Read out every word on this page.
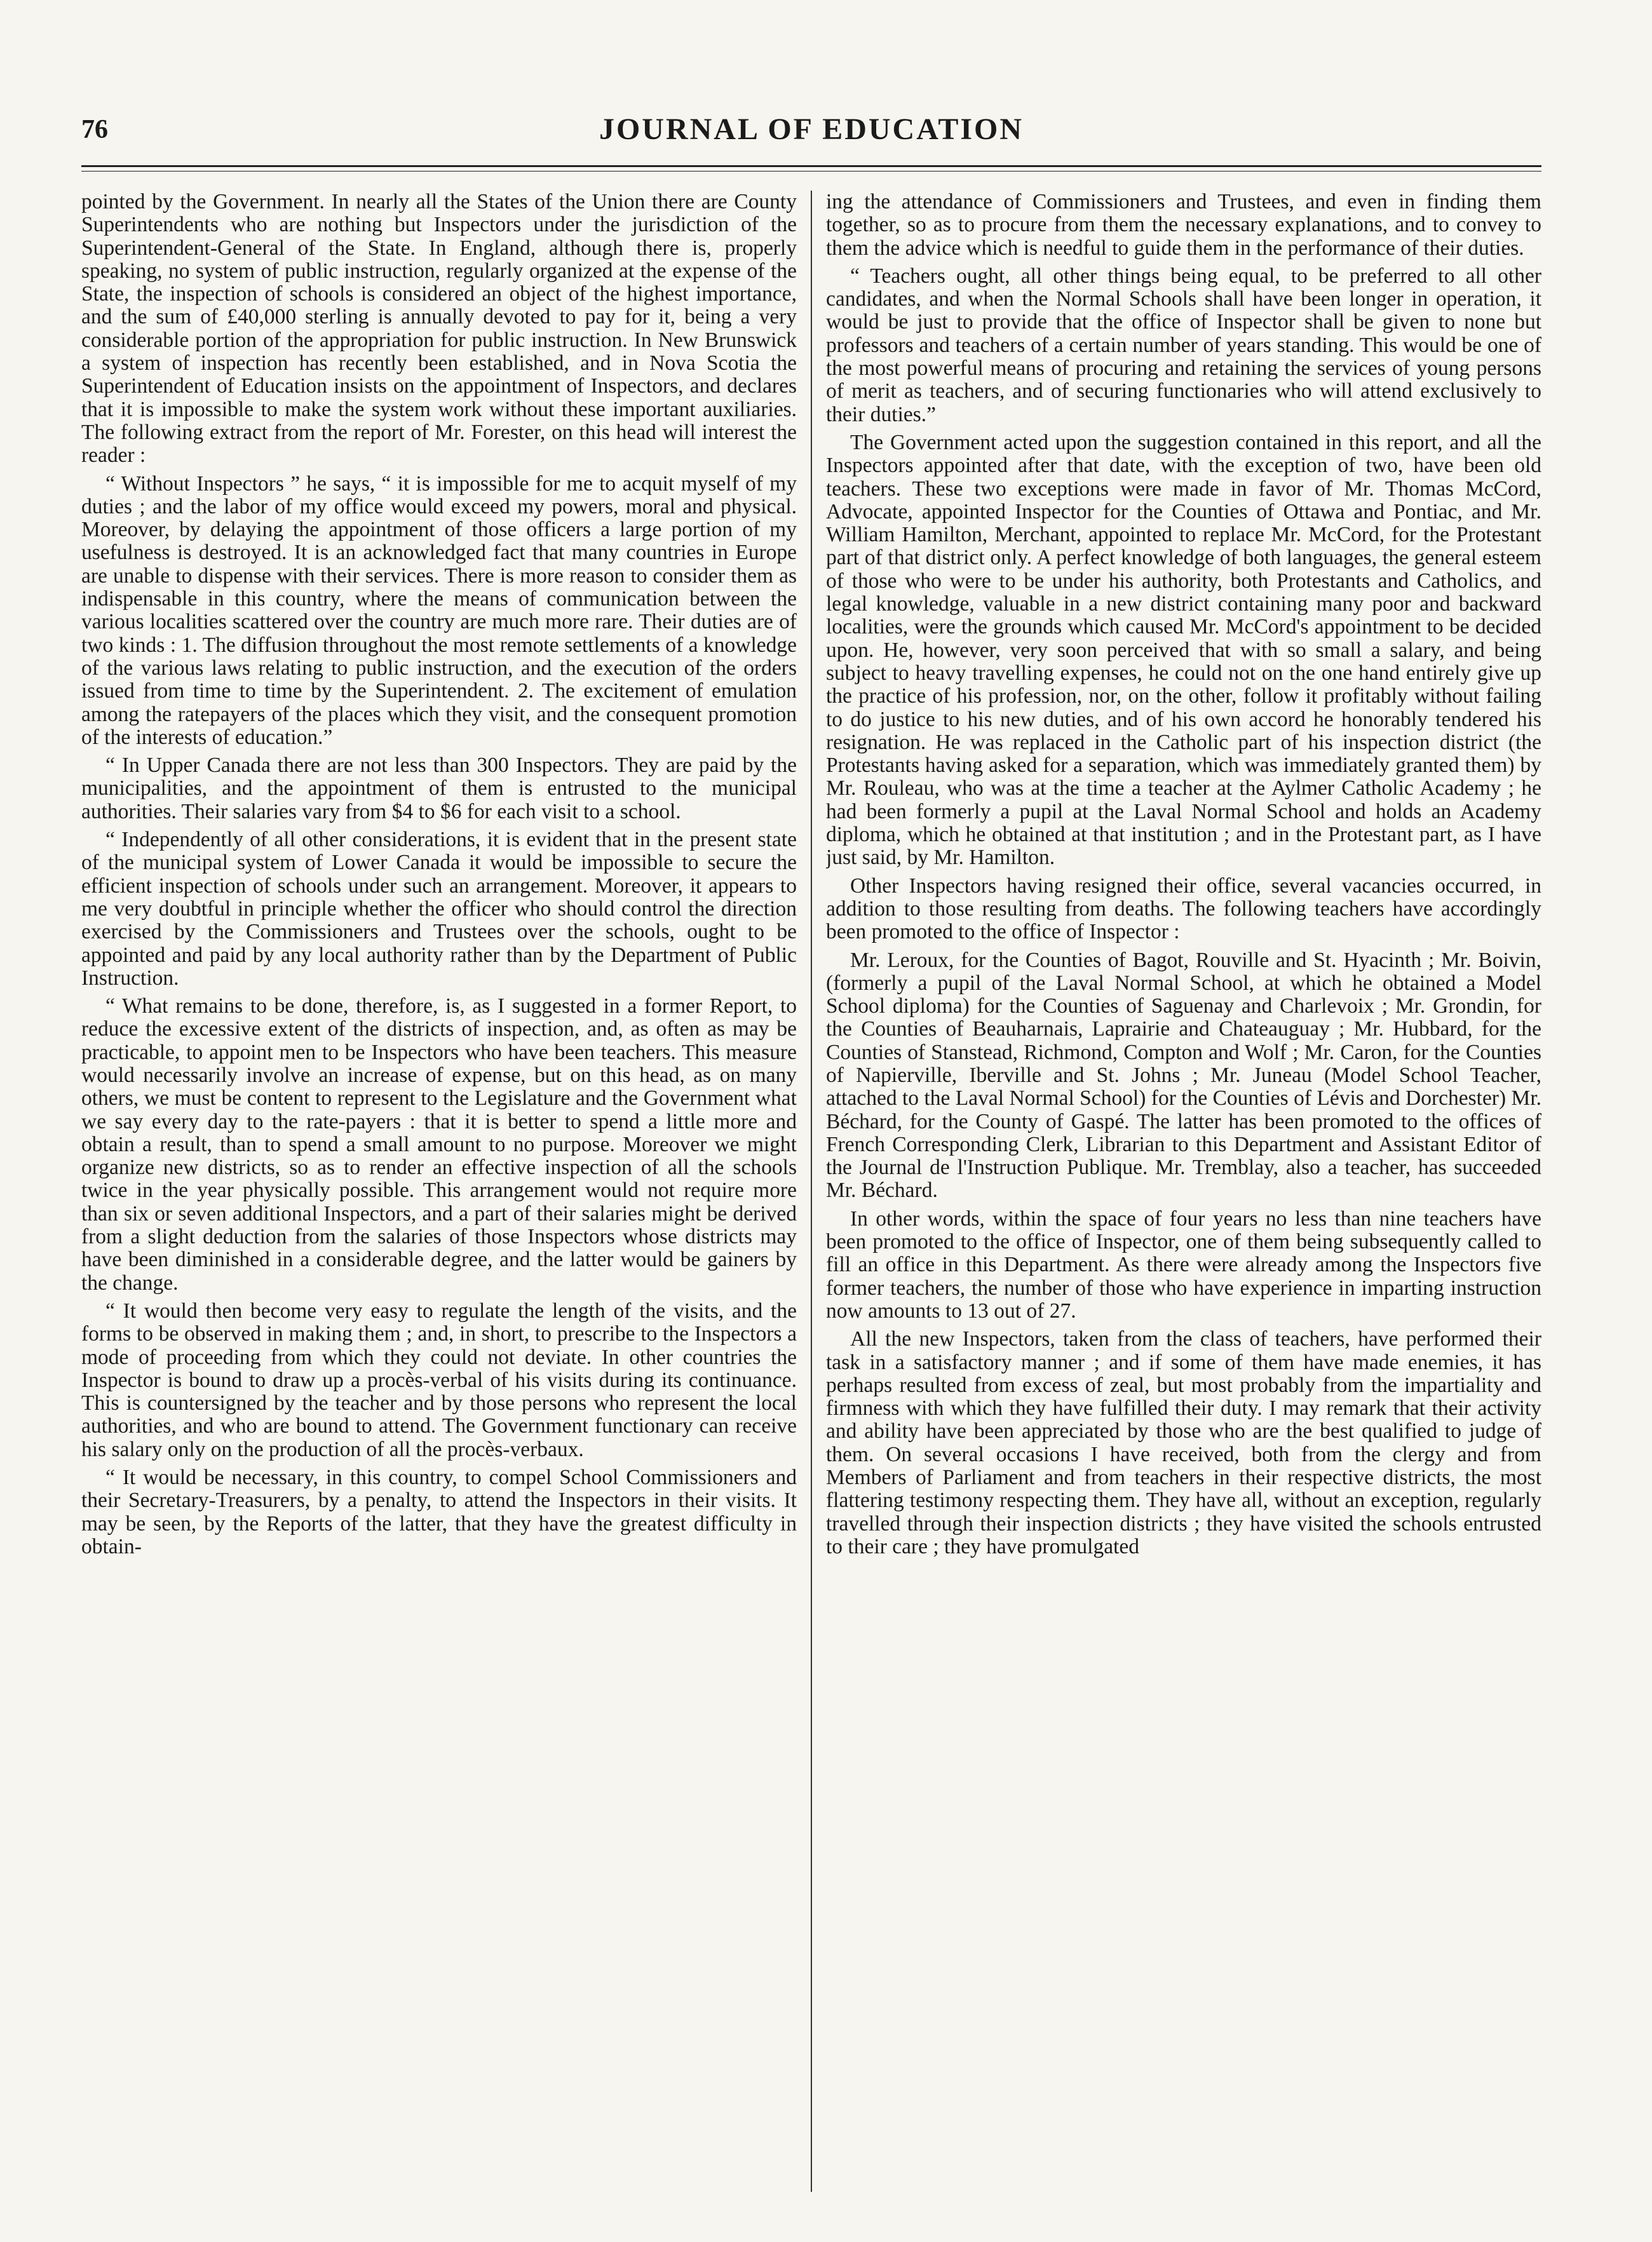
76	JOURNAL OF EDUCATION

pointed by the Government. In nearly all the States of the Union there are County Superintendents who are nothing but Inspectors under the jurisdiction of the Superintendent-General of the State. In England, although there is, properly speaking, no system of public instruction, regularly organized at the expense of the State, the inspection of schools is considered an object of the highest importance, and the sum of £40,000 sterling is annually devoted to pay for it, being a very considerable portion of the appropriation for public instruction. In New Brunswick a system of inspection has recently been established, and in Nova Scotia the Superintendent of Education insists on the appointment of Inspectors, and declares that it is impossible to make the system work without these important auxiliaries. The following extract from the report of Mr. Forester, on this head will interest the reader :

“ Without Inspectors ” he says, “ it is impossible for me to acquit myself of my duties ; and the labor of my office would exceed my powers, moral and physical. Moreover, by delaying the appointment of those officers a large portion of my usefulness is destroyed. It is an acknowledged fact that many countries in Europe are unable to dispense with their services. There is more reason to consider them as indispensable in this country, where the means of communication between the various localities scattered over the country are much more rare. Their duties are of two kinds : 1. The diffusion throughout the most remote settlements of a knowledge of the various laws relating to public instruction, and the execution of the orders issued from time to time by the Superintendent. 2. The excitement of emulation among the ratepayers of the places which they visit, and the consequent promotion of the interests of education.”

“ In Upper Canada there are not less than 300 Inspectors. They are paid by the municipalities, and the appointment of them is entrusted to the municipal authorities. Their salaries vary from $4 to $6 for each visit to a school.

“ Independently of all other considerations, it is evident that in the present state of the municipal system of Lower Canada it would be impossible to secure the efficient inspection of schools under such an arrangement. Moreover, it appears to me very doubtful in principle whether the officer who should control the direction exercised by the Commissioners and Trustees over the schools, ought to be appointed and paid by any local authority rather than by the Department of Public Instruction.

“ What remains to be done, therefore, is, as I suggested in a former Report, to reduce the excessive extent of the districts of inspection, and, as often as may be practicable, to appoint men to be Inspectors who have been teachers. This measure would necessarily involve an increase of expense, but on this head, as on many others, we must be content to represent to the Legislature and the Government what we say every day to the rate-payers : that it is better to spend a little more and obtain a result, than to spend a small amount to no purpose. Moreover we might organize new districts, so as to render an effective inspection of all the schools twice in the year physically possible. This arrangement would not require more than six or seven additional Inspectors, and a part of their salaries might be derived from a slight deduction from the salaries of those Inspectors whose districts may have been diminished in a considerable degree, and the latter would be gainers by the change.

“ It would then become very easy to regulate the length of the visits, and the forms to be observed in making them ; and, in short, to prescribe to the Inspectors a mode of proceeding from which they could not deviate. In other countries the Inspector is bound to draw up a procès-verbal of his visits during its continuance. This is countersigned by the teacher and by those persons who represent the local authorities, and who are bound to attend. The Government functionary can receive his salary only on the production of all the procès-verbaux.

“ It would be necessary, in this country, to compel School Commissioners and their Secretary-Treasurers, by a penalty, to attend the Inspectors in their visits. It may be seen, by the Reports of the latter, that they have the greatest difficulty in obtain-

ing the attendance of Commissioners and Trustees, and even in finding them together, so as to procure from them the necessary explanations, and to convey to them the advice which is needful to guide them in the performance of their duties.

“ Teachers ought, all other things being equal, to be preferred to all other candidates, and when the Normal Schools shall have been longer in operation, it would be just to provide that the office of Inspector shall be given to none but professors and teachers of a certain number of years standing. This would be one of the most powerful means of procuring and retaining the services of young persons of merit as teachers, and of securing functionaries who will attend exclusively to their duties.”

The Government acted upon the suggestion contained in this report, and all the Inspectors appointed after that date, with the exception of two, have been old teachers. These two exceptions were made in favor of Mr. Thomas McCord, Advocate, appointed Inspector for the Counties of Ottawa and Pontiac, and Mr. William Hamilton, Merchant, appointed to replace Mr. McCord, for the Protestant part of that district only. A perfect knowledge of both languages, the general esteem of those who were to be under his authority, both Protestants and Catholics, and legal knowledge, valuable in a new district containing many poor and backward localities, were the grounds which caused Mr. McCord's appointment to be decided upon. He, however, very soon perceived that with so small a salary, and being subject to heavy travelling expenses, he could not on the one hand entirely give up the practice of his profession, nor, on the other, follow it profitably without failing to do justice to his new duties, and of his own accord he honorably tendered his resignation. He was replaced in the Catholic part of his inspection district (the Protestants having asked for a separation, which was immediately granted them) by Mr. Rouleau, who was at the time a teacher at the Aylmer Catholic Academy ; he had been formerly a pupil at the Laval Normal School and holds an Academy diploma, which he obtained at that institution ; and in the Protestant part, as I have just said, by Mr. Hamilton.

Other Inspectors having resigned their office, several vacancies occurred, in addition to those resulting from deaths. The following teachers have accordingly been promoted to the office of Inspector :

Mr. Leroux, for the Counties of Bagot, Rouville and St. Hyacinth ; Mr. Boivin, (formerly a pupil of the Laval Normal School, at which he obtained a Model School diploma) for the Counties of Saguenay and Charlevoix ; Mr. Grondin, for the Counties of Beauharnais, Laprairie and Chateauguay ; Mr. Hubbard, for the Counties of Stanstead, Richmond, Compton and Wolf ; Mr. Caron, for the Counties of Napierville, Iberville and St. Johns ; Mr. Juneau (Model School Teacher, attached to the Laval Normal School) for the Counties of Lévis and Dorchester) Mr. Béchard, for the County of Gaspé. The latter has been promoted to the offices of French Corresponding Clerk, Librarian to this Department and Assistant Editor of the Journal de l'Instruction Publique. Mr. Tremblay, also a teacher, has succeeded Mr. Béchard.

In other words, within the space of four years no less than nine teachers have been promoted to the office of Inspector, one of them being subsequently called to fill an office in this Department. As there were already among the Inspectors five former teachers, the number of those who have experience in imparting instruction now amounts to 13 out of 27.

All the new Inspectors, taken from the class of teachers, have performed their task in a satisfactory manner ; and if some of them have made enemies, it has perhaps resulted from excess of zeal, but most probably from the impartiality and firmness with which they have fulfilled their duty. I may remark that their activity and ability have been appreciated by those who are the best qualified to judge of them. On several occasions I have received, both from the clergy and from Members of Parliament and from teachers in their respective districts, the most flattering testimony respecting them. They have all, without an exception, regularly travelled through their inspection districts ; they have visited the schools entrusted to their care ; they have promulgated
